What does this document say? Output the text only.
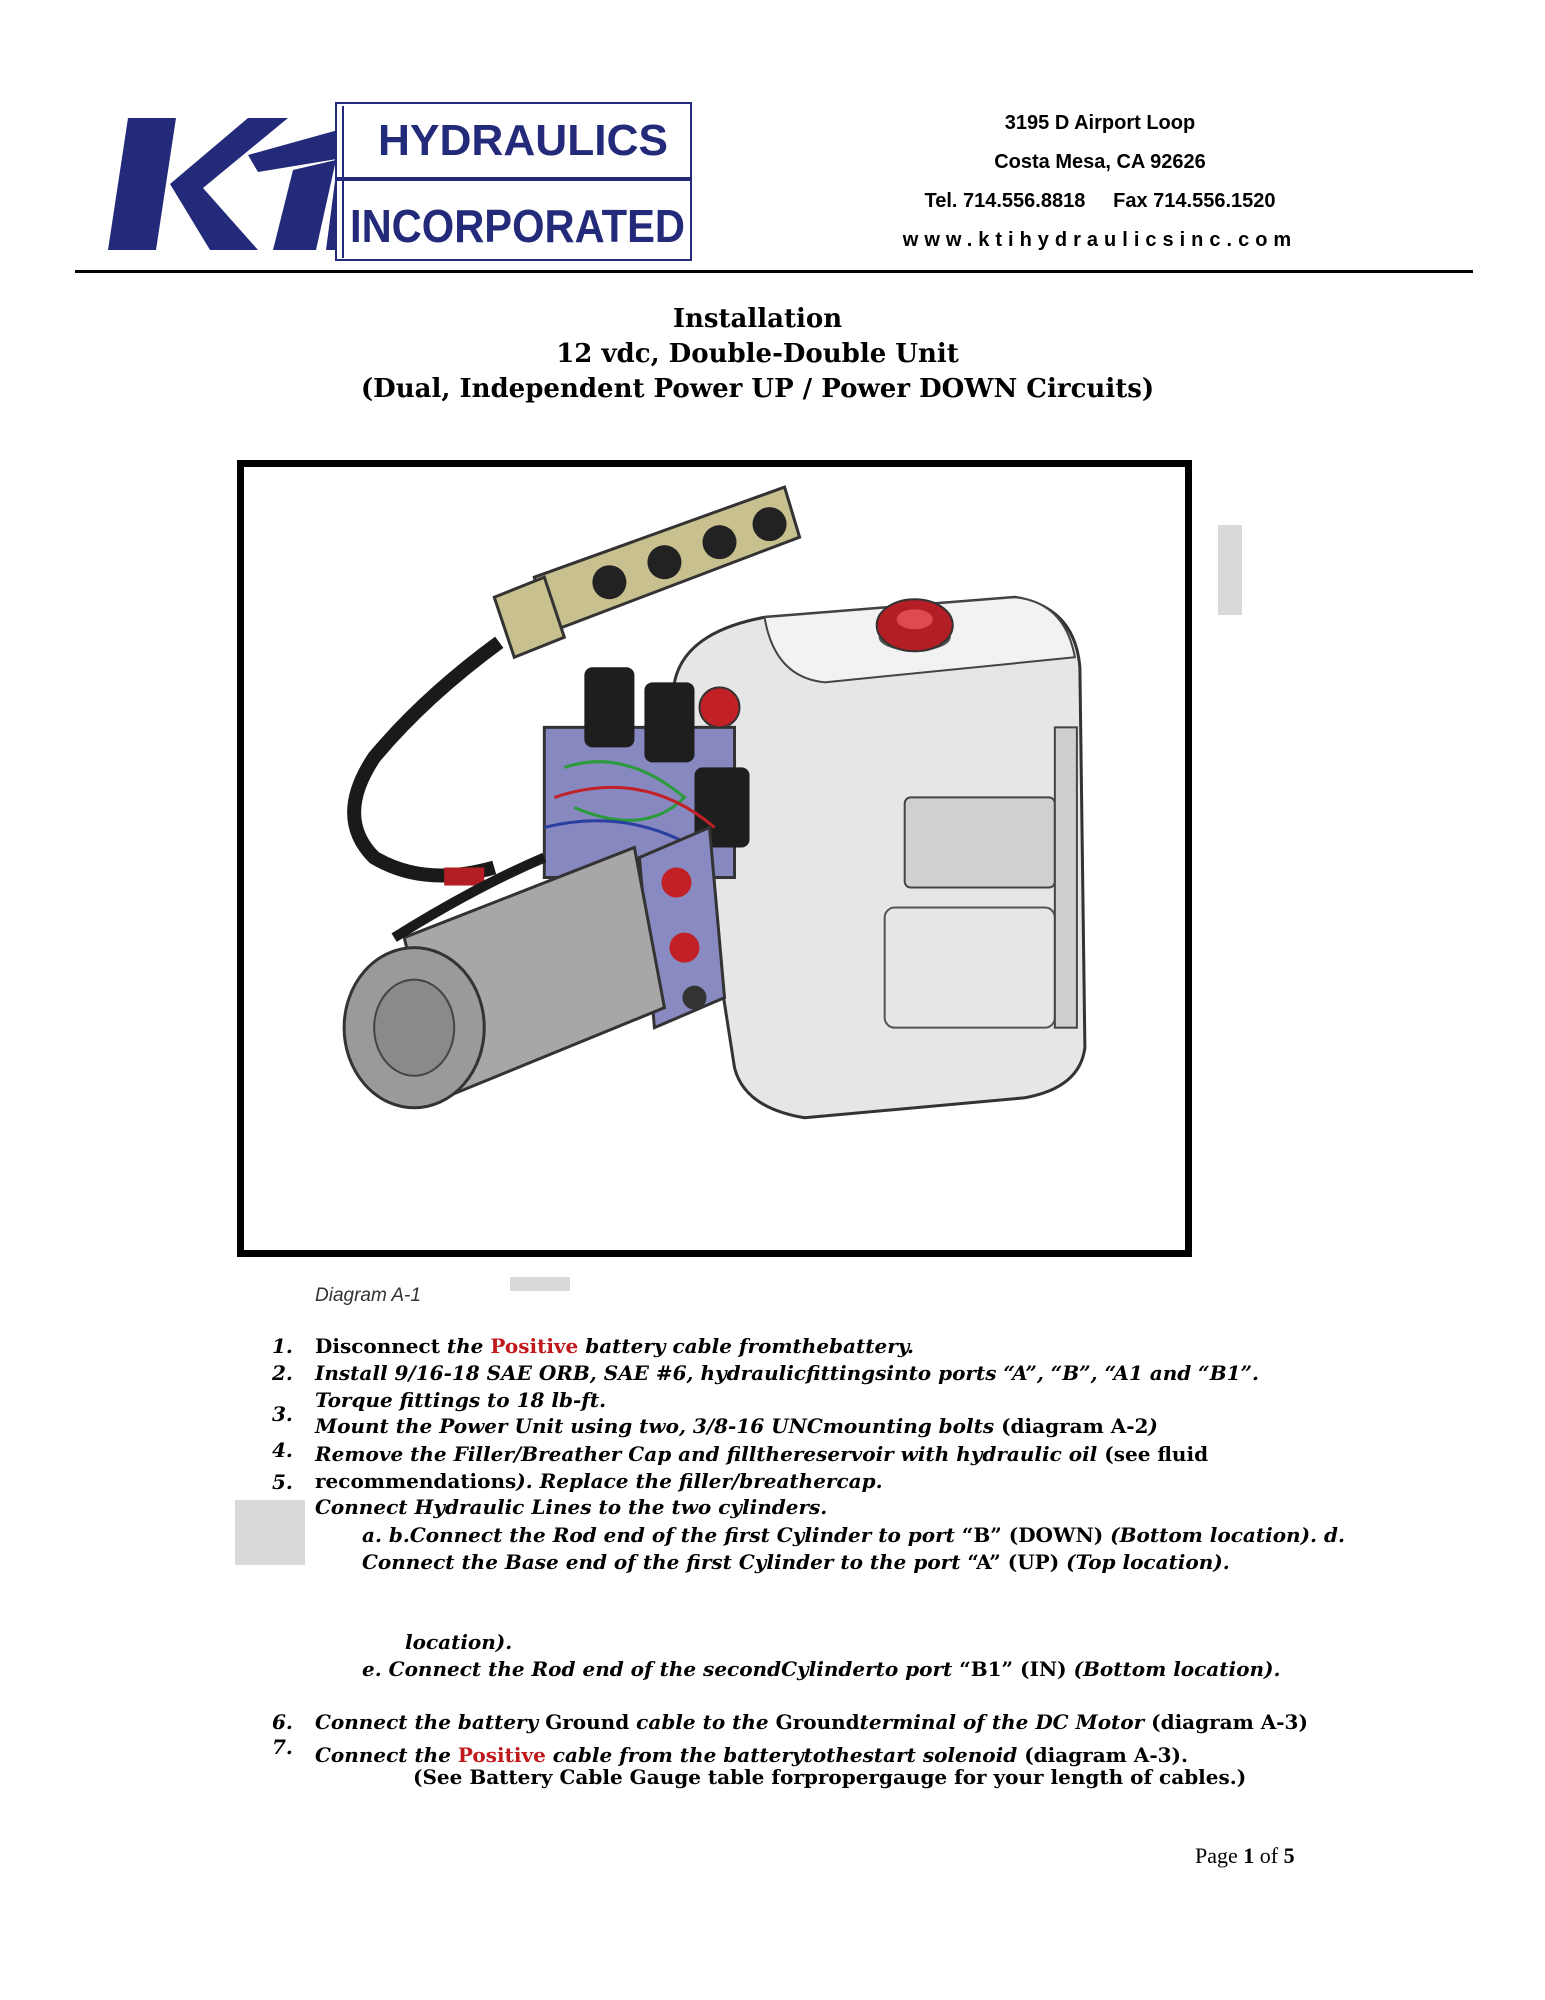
HYDRAULICS
INCORPORATED
3195 D Airport Loop
Costa Mesa, CA 92626
Tel. 714.556.8818     Fax 714.556.1520
www.ktihydraulicsinc.com
Installation
12 vdc, Double-Double Unit
(Dual, Independent Power UP / Power DOWN Circuits)
Diagram A-1
1. Disconnect the Positive battery cable fromthebattery.
2. Install 9/16-18 SAE ORB, SAE #6, hydraulicfittingsinto ports “A”, “B”, “A1 and “B1”.
Torque fittings to 18 lb-ft.
3. Mount the Power Unit using two, 3/8-16 UNCmounting bolts (diagram A-2)
4. Remove the Filler/Breather Cap and fillthereservoir with hydraulic oil (see fluid
recommendations). Replace the filler/breathercap.
5.
Connect Hydraulic Lines to the two cylinders.
a. b.Connect the Rod end of the first Cylinder to port “B” (DOWN) (Bottom location). d.
Connect the Base end of the first Cylinder to the port “A” (UP) (Top location).
location).
e. Connect the Rod end of the secondCylinderto port “B1” (IN) (Bottom location).
6. Connect the battery Ground cable to the Groundterminal of the DC Motor (diagram A-3)
7. Connect the Positive cable from the batterytothestart solenoid (diagram A-3).
(See Battery Cable Gauge table forpropergauge for your length of cables.)
Page 1 of 5
